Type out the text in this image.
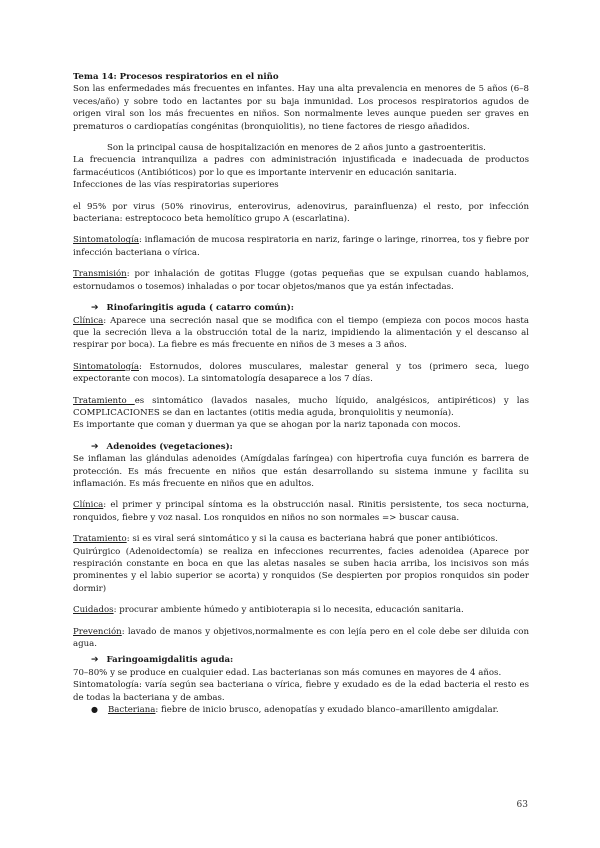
Tema 14: Procesos respiratorios en el niño

Son las enfermedades más frecuentes en infantes. Hay una alta prevalencia en menores de 5 años (6–8 veces/año) y sobre todo en lactantes por su baja inmunidad. Los procesos respiratorios agudos de origen viral son los más frecuentes en niños. Son normalmente leves aunque pueden ser graves en prematuros o cardiopatías congénitas (bronquiolitis), no tiene factores de riesgo añadidos.

Son la principal causa de hospitalización en menores de 2 años junto a gastroenteritis.

La frecuencia intranquiliza a padres con administración injustificada e inadecuada de productos farmacéuticos (Antibióticos) por lo que es importante intervenir en educación sanitaria.

Infecciones de las vías respiratorias superiores

el 95% por virus (50% rinovirus, enterovirus, adenovirus, parainfluenza) el resto, por infección bacteriana: estreptococo beta hemolítico grupo A (escarlatina).

Sintomatología: inflamación de mucosa respiratoria en nariz, faringe o laringe, rinorrea, tos y fiebre por infección bacteriana o vírica.

Transmisión: por inhalación de gotitas Flugge (gotas pequeñas que se expulsan cuando hablamos, estornudamos o tosemos) inhaladas o por tocar objetos/manos que ya están infectadas.

➔ Rinofaringitis aguda ( catarro común):

Clínica: Aparece una secreción nasal que se modifica con el tiempo (empieza con pocos mocos hasta que la secreción lleva a la obstrucción total de la nariz, impidiendo la alimentación y el descanso al respirar por boca). La fiebre es más frecuente en niños de 3 meses a 3 años.

Sintomatología: Estornudos, dolores musculares, malestar general y tos (primero seca, luego expectorante con mocos). La sintomatología desaparece a los 7 días.

Tratamiento es sintomático (lavados nasales, mucho líquido, analgésicos, antipiréticos) y las COMPLICACIONES se dan en lactantes (otitis media aguda, bronquiolitis y neumonía).

Es importante que coman y duerman ya que se ahogan por la nariz taponada con mocos.

➔ Adenoides (vegetaciones):

Se inflaman las glándulas adenoides (Amígdalas faríngea) con hipertrofia cuya función es barrera de protección. Es más frecuente en niños que están desarrollando su sistema inmune y facilita su inflamación. Es más frecuente en niños que en adultos.

Clínica: el primer y principal síntoma es la obstrucción nasal. Rinitis persistente, tos seca nocturna, ronquidos, fiebre y voz nasal. Los ronquidos en niños no son normales => buscar causa.

Tratamiento: si es viral será sintomático y si la causa es bacteriana habrá que poner antibióticos.

Quirúrgico (Adenoidectomía) se realiza en infecciones recurrentes, facies adenoidea (Aparece por respiración constante en boca en que las aletas nasales se suben hacia arriba, los incisivos son más prominentes y el labio superior se acorta) y ronquidos (Se despierten por propios ronquidos sin poder dormir)

Cuidados: procurar ambiente húmedo y antibioterapia si lo necesita, educación sanitaria.

Prevención: lavado de manos y objetivos,normalmente es con lejía pero en el cole debe ser diluida con agua.

➔ Faringoamigdalitis aguda:

70–80% y se produce en cualquier edad. Las bacterianas son más comunes en mayores de 4 años.

Sintomatología: varía según sea bacteriana o vírica, fiebre y exudado es de la edad bacteria el resto es de todas la bacteriana y de ambas.

● Bacteriana: fiebre de inicio brusco, adenopatías y exudado blanco–amarillento amigdalar.

63
